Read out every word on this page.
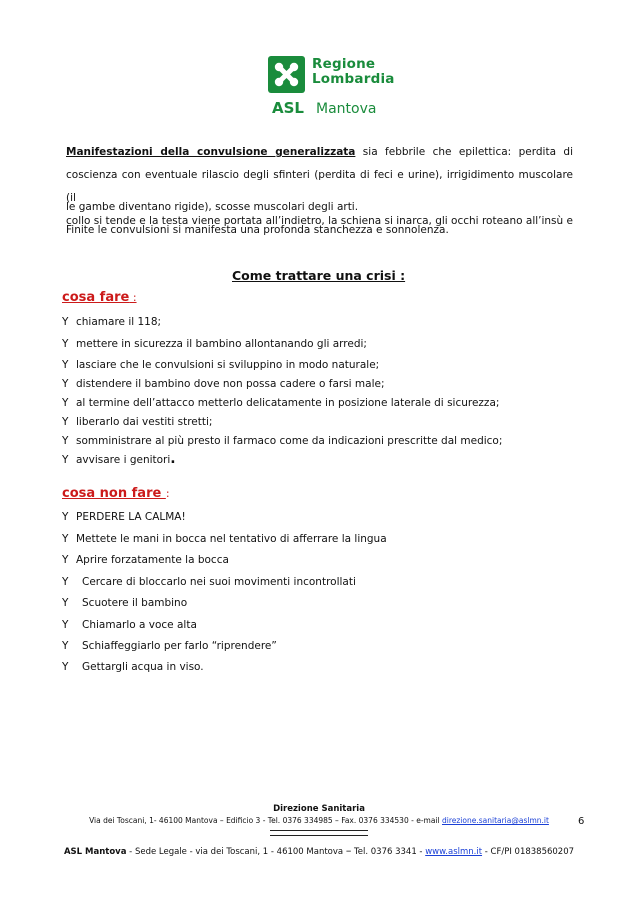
Regione
Lombardia
ASL Mantova
Manifestazioni della convulsione generalizzata sia febbrile che epilettica: perdita di
coscienza con eventuale rilascio degli sfinteri (perdita di feci e urine), irrigidimento muscolare (il
collo si tende e la testa viene portata all’indietro, la schiena si inarca, gli occhi roteano all’insù e
le gambe diventano rigide), scosse muscolari degli arti.
Finite le convulsioni si manifesta una profonda stanchezza e sonnolenza.
Come trattare una crisi :
cosa fare :
Y chiamare il 118;
Y mettere in sicurezza il bambino allontanando gli arredi;
Y lasciare che le convulsioni si sviluppino in modo naturale;
Y distendere il bambino dove non possa cadere o farsi male;
Y al termine dell’attacco metterlo delicatamente in posizione laterale di sicurezza;
Y liberarlo dai vestiti stretti;
Y somministrare al più presto il farmaco come da indicazioni prescritte dal medico;
Y avvisare i genitori.
cosa non fare :
Y PERDERE LA CALMA!
Y Mettete le mani in bocca nel tentativo di afferrare la lingua
Y Aprire forzatamente la bocca
Y Cercare di bloccarlo nei suoi movimenti incontrollati
Y Scuotere il bambino
Y Chiamarlo a voce alta
Y Schiaffeggiarlo per farlo “riprendere”
Y Gettargli acqua in viso.
Direzione Sanitaria
Via dei Toscani, 1- 46100 Mantova – Edificio 3 - Tel. 0376 334985 – Fax. 0376 334530 - e-mail direzione.sanitaria@aslmn.it	6
ASL Mantova - Sede Legale - via dei Toscani, 1 - 46100 Mantova – Tel. 0376 3341 - www.aslmn.it - CF/PI 01838560207
